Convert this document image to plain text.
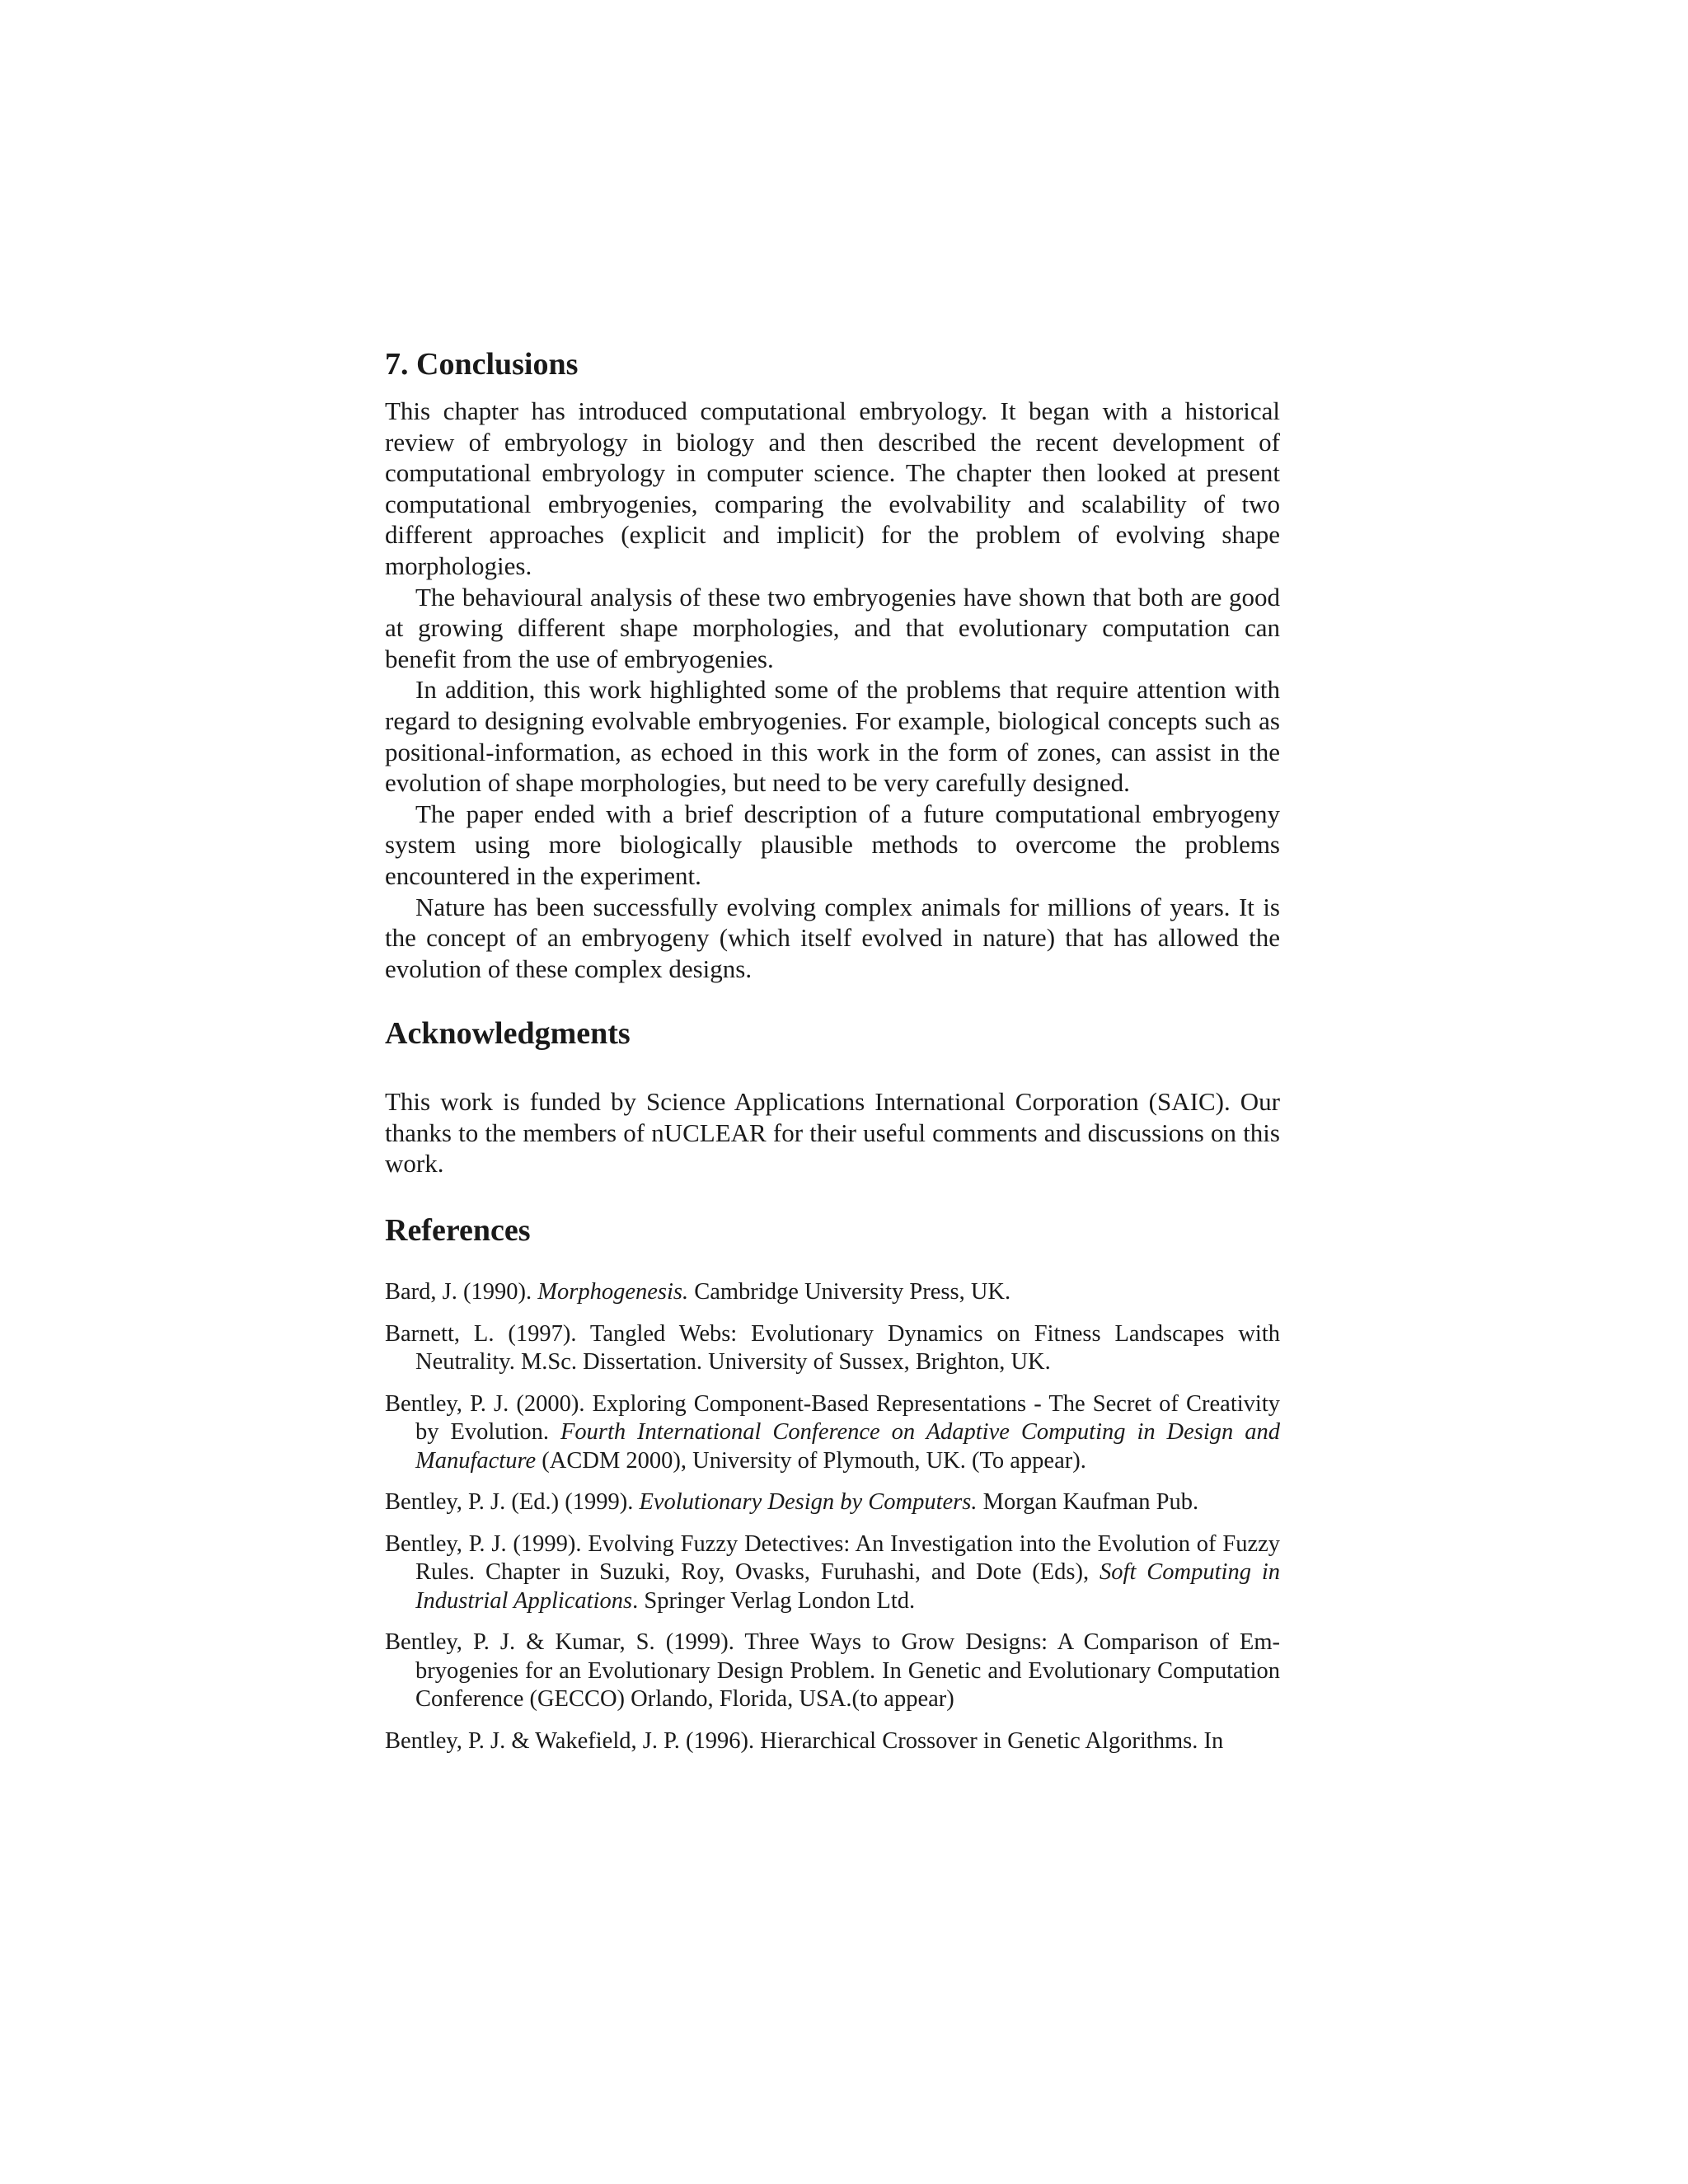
7. Conclusions

This chapter has introduced computational embryology. It began with a historical review of embryology in biology and then described the recent development of computational embryology in computer science. The chapter then looked at present computational embryogenies, comparing the evolvability and scalability of two different approaches (explicit and implicit) for the problem of evolving shape morphologies.

The behavioural analysis of these two embryogenies have shown that both are good at growing different shape morphologies, and that evolutionary computation can benefit from the use of embryogenies.

In addition, this work highlighted some of the problems that require attention with regard to designing evolvable embryogenies. For example, biological concepts such as positional-information, as echoed in this work in the form of zones, can assist in the evolution of shape morphologies, but need to be very carefully designed.

The paper ended with a brief description of a future computational embryogeny system using more biologically plausible methods to overcome the problems encountered in the experiment.

Nature has been successfully evolving complex animals for millions of years. It is the concept of an embryogeny (which itself evolved in nature) that has allowed the evolution of these complex designs.

Acknowledgments

This work is funded by Science Applications International Corporation (SAIC). Our thanks to the members of nUCLEAR for their useful comments and discussions on this work.

References
Bard, J. (1990). Morphogenesis. Cambridge University Press, UK.
Barnett, L. (1997). Tangled Webs: Evolutionary Dynamics on Fitness Landscapes with Neutrality. M.Sc. Dissertation. University of Sussex, Brighton, UK.
Bentley, P. J. (2000). Exploring Component-Based Representations - The Secret of Creativity by Evolution. Fourth International Conference on Adaptive Computing in Design and Manufacture (ACDM 2000), University of Plymouth, UK. (To appear).
Bentley, P. J. (Ed.) (1999). Evolutionary Design by Computers. Morgan Kaufman Pub.
Bentley, P. J. (1999). Evolving Fuzzy Detectives: An Investigation into the Evolution of Fuzzy Rules. Chapter in Suzuki, Roy, Ovasks, Furuhashi, and Dote (Eds), Soft Computing in Industrial Applications. Springer Verlag London Ltd.
Bentley, P. J. & Kumar, S. (1999). Three Ways to Grow Designs: A Comparison of Embryogenies for an Evolutionary Design Problem. In Genetic and Evolutionary Computation Conference (GECCO) Orlando, Florida, USA.(to appear)
Bentley, P. J. & Wakefield, J. P. (1996). Hierarchical Crossover in Genetic Algorithms. In
